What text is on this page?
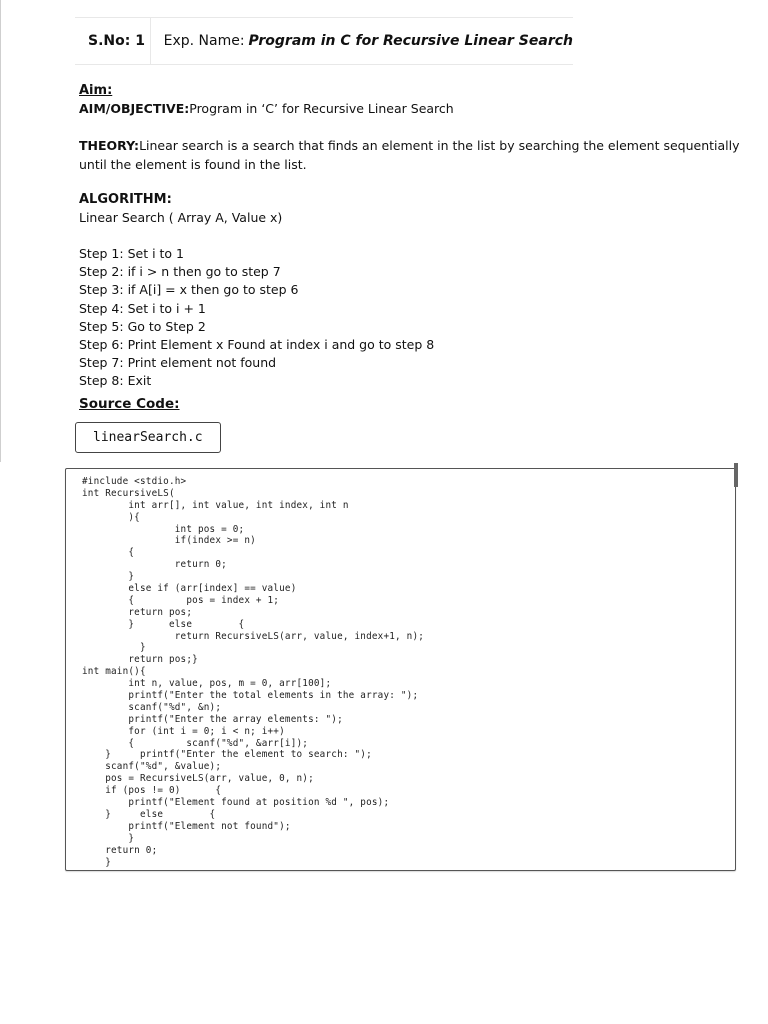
S.No: 1	Exp. Name: Program in C for Recursive Linear Search
Aim:
AIM/OBJECTIVE:Program in ‘C’ for Recursive Linear Search
THEORY:Linear search is a search that finds an element in the list by searching the element sequentially until the element is found in the list.
ALGORITHM:
Linear Search ( Array A, Value x)
Step 1: Set i to 1
Step 2: if i > n then go to step 7
Step 3: if A[i] = x then go to step 6
Step 4: Set i to i + 1
Step 5: Go to Step 2
Step 6: Print Element x Found at index i and go to step 8
Step 7: Print element not found
Step 8: Exit
Source Code:
linearSearch.c
#include <stdio.h>
int RecursiveLS(
int arr[], int value, int index, int n
){
int pos = 0;
if(index >= n)
{
return 0;
}
else if (arr[index] == value)
{         pos = index + 1;
return pos;
}      else        {
return RecursiveLS(arr, value, index+1, n);
}
return pos;}
int main(){
int n, value, pos, m = 0, arr[100];
printf("Enter the total elements in the array: ");
scanf("%d", &n);
printf("Enter the array elements: ");
for (int i = 0; i < n; i++)
{         scanf("%d", &arr[i]);
}     printf("Enter the element to search: ");
scanf("%d", &value);
pos = RecursiveLS(arr, value, 0, n);
if (pos != 0)      {
printf("Element found at position %d ", pos);
}     else        {
printf("Element not found");
}
return 0;
}
